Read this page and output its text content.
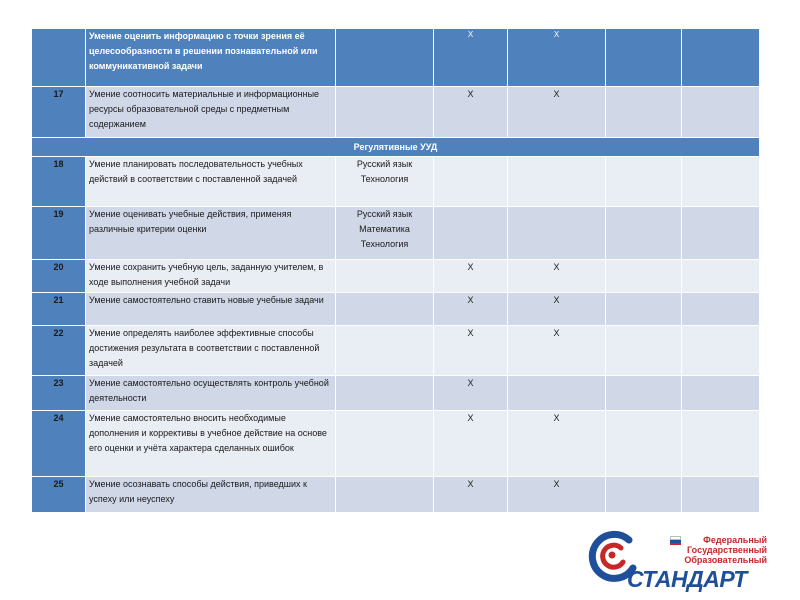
	Умение оценить информацию с точки зрения её целесообразности в решении познавательной или коммуникативной задачи		X	X		
17	Умение соотносить материальные и информационные ресурсы образовательной среды с предметным содержанием		X	X		
Регулятивные УУД						
18	Умение планировать последовательность учебных действий в соответствии с поставленной задачей	Русский язык
Технология				

19	Умение оценивать учебные действия, применяя различные критерии оценки	Русский язык
Математика
Технология				

20	Умение сохранить учебную цель, заданную учителем, в ходе выполнения учебной задачи		X	X		
21	Умение самостоятельно ставить новые учебные задачи		X	X		
22	Умение определять наиболее эффективные способы достижения результата в соответствии с поставленной задачей		X	X		
23	Умение самостоятельно осуществлять контроль учебной деятельности		X			
24	Умение самостоятельно вносить необходимые дополнения и коррективы в учебное действие на основе его оценки и учёта характера сделанных ошибок		X	X		
25	Умение осознавать способы действия, приведших к успеху или неуспеху		X	X		
Федеральный
Государственный
Образовательный
СТАНДАРТ
